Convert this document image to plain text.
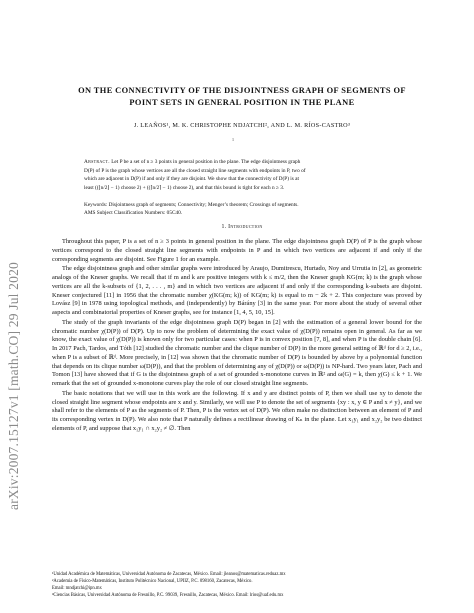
arXiv:2007.15127v1 [math.CO] 29 Jul 2020
ON THE CONNECTIVITY OF THE DISJOINTNESS GRAPH OF SEGMENTS OF
POINT SETS IN GENERAL POSITION IN THE PLANE
J. LEAÑOS¹, M. K. CHRISTOPHE NDJATCHI², AND L. M. RÍOS-CASTRO³
1
Abstract. Let P be a set of n ≥ 3 points in general position in the plane. The edge disjointness graph
D(P) of P is the graph whose vertices are all the closed straight line segments with endpoints in P, two of
which are adjacent in D(P) if and only if they are disjoint. We show that the connectivity of D(P) is at
least ((⌊n/2⌋ − 1) choose 2) + ((⌈n/2⌉ − 1) choose 2), and that this bound is tight for each n ≥ 3.
Keywords: Disjointness graph of segments; Connectivity; Menger’s theorem; Crossings of segments.
AMS Subject Classification Numbers: 05C40.
1. Introduction

Throughout this paper, P is a set of n ≥ 3 points in general position in the plane. The edge disjointness graph D(P) of P is the graph whose vertices correspond to the closed straight line segments with endpoints in P and in which two vertices are adjacent if and only if the corresponding segments are disjoint. See Figure 1 for an example.

The edge disjointness graph and other similar graphs were introduced by Araujo, Dumitrescu, Hurtado, Noy and Urrutia in [2], as geometric analogs of the Kneser graphs. We recall that if m and k are positive integers with k ≤ m/2, then the Kneser graph KG(m; k) is the graph whose vertices are all the k-subsets of {1, 2, . . . , m} and in which two vertices are adjacent if and only if the corresponding k-subsets are disjoint. Kneser conjectured [11] in 1956 that the chromatic number χ(KG(m; k)) of KG(m; k) is equal to m − 2k + 2. This conjecture was proved by Lovász [9] in 1978 using topological methods, and (independently) by Bárány [3] in the same year. For more about the study of several other aspects and combinatorial properties of Kneser graphs, see for instance [1, 4, 5, 10, 15].

The study of the graph invariants of the edge disjointness graph D(P) began in [2] with the estimation of a general lower bound for the chromatic number χ(D(P)) of D(P). Up to now the problem of determining the exact value of χ(D(P)) remains open in general. As far as we know, the exact value of χ(D(P)) is known only for two particular cases: when P is in convex position [7, 8], and when P is the double chain [6]. In 2017 Pach, Tardos, and Tóth [12] studied the chromatic number and the clique number of D(P) in the more general setting of ℝᵈ for d ≥ 2, i.e., when P is a subset of ℝᵈ. More precisely, in [12] was shown that the chromatic number of D(P) is bounded by above by a polynomial function that depends on its clique number ω(D(P)), and that the problem of determining any of χ(D(P)) or ω(D(P)) is NP-hard. Two years later, Pach and Tomon [13] have showed that if G is the disjointness graph of a set of grounded x-monotone curves in ℝ² and ω(G) = k, then χ(G) ≤ k + 1. We remark that the set of grounded x-monotone curves play the role of our closed straight line segments.

The basic notations that we will use in this work are the following. If x and y are distinct points of P, then we shall use xy to denote the closed straight line segment whose endpoints are x and y. Similarly, we will use P to denote the set of segments {xy : x, y ∈ P and x ≠ y}, and we shall refer to the elements of P as the segments of P. Then, P is the vertex set of D(P). We often make no distinction between an element of P and its corresponding vertex in D(P). We also note that P naturally defines a rectilinear drawing of Kₙ in the plane. Let x₁y₁ and x₂y₂ be two distinct elements of P, and suppose that x₁y₁ ∩ x₂y₂ ≠ ∅. Then

¹Unidad Académica de Matemáticas, Universidad Autónoma de Zacatecas, México. Email: jleanos@matematicas.reduaz.mx
²Academia de Físico-Matemáticas, Instituto Politécnico Nacional, UPIIZ, P.C. 098160, Zacatecas, México.
Email: mndjatchi@ipn.mx
³Ciencias Básicas, Universidad Autónoma de Fresnillo, P.C. 99039, Fresnillo, Zacatecas, México. Email: lrios@uaf.edu.mx
